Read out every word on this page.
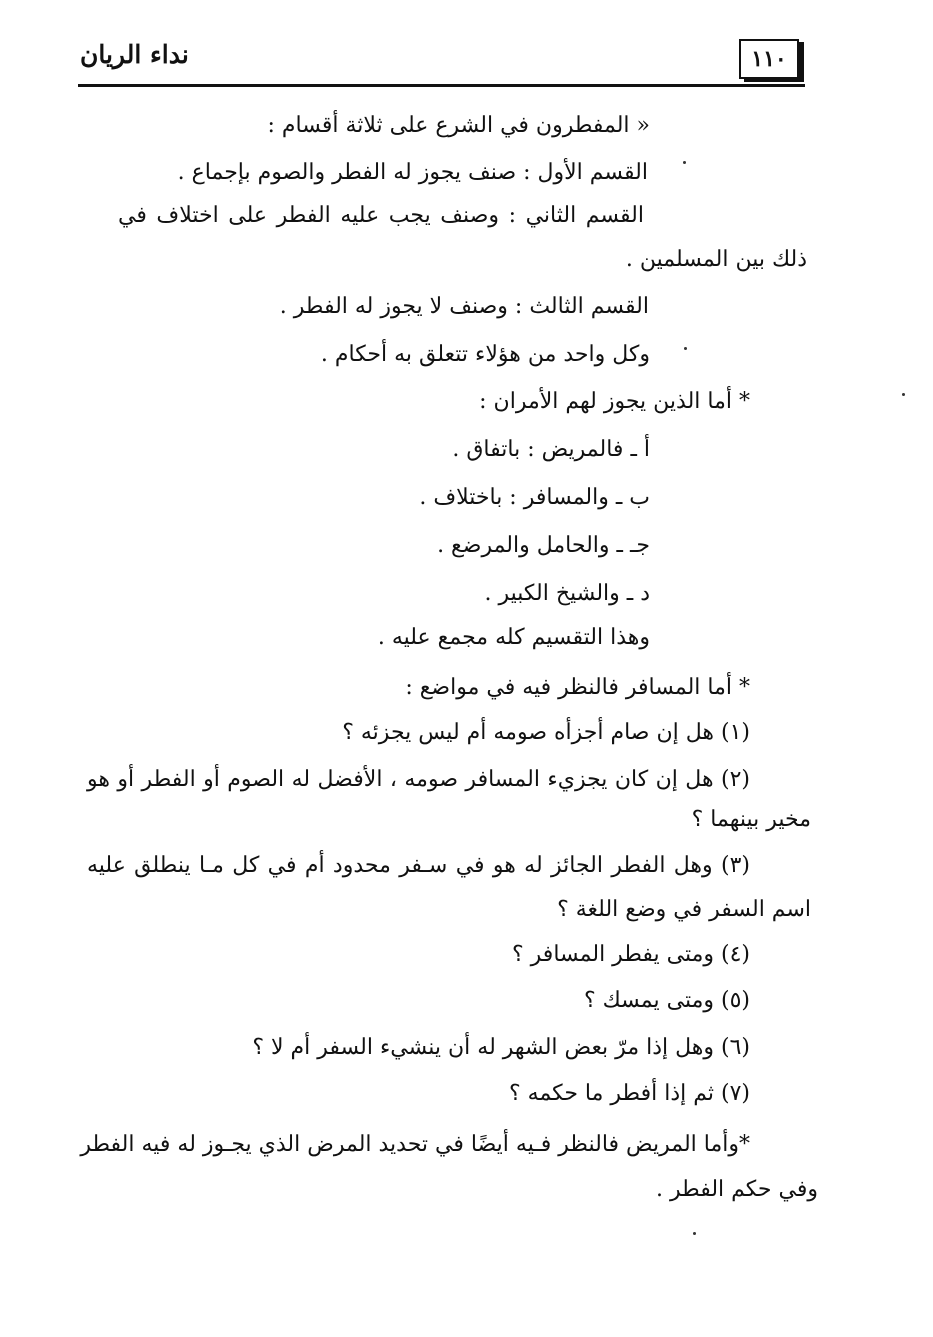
نداء الريان	١١٠
« المفطرون في الشرع على ثلاثة أقسام :
القسم الأول : صنف يجوز له الفطر والصوم بإجماع .
القسم الثاني : وصنف يجب عليه الفطر على اختلاف في
ذلك بين المسلمين .
القسم الثالث : وصنف لا يجوز له الفطر .
وكل واحد من هؤلاء تتعلق به أحكام .
* أما الذين يجوز لهم الأمران :
أ ـ فالمريض : باتفاق .
ب ـ والمسافر : باختلاف .
جـ ـ والحامل والمرضع .
د ـ والشيخ الكبير .
وهذا التقسيم كله مجمع عليه .
* أما المسافر فالنظر فيه في مواضع :
(١) هل إن صام أجزأه صومه أم ليس يجزئه ؟
(٢) هل إن كان يجزيء المسافر صومه ، الأفضل له الصوم أو الفطر أو هو
مخير بينهما ؟
(٣) وهل الفطر الجائز له هو في سـفر محدود أم في كل مـا ينطلق عليه
اسم السفر في وضع اللغة ؟
(٤) ومتى يفطر المسافر ؟
(٥) ومتى يمسك ؟
(٦) وهل إذا مرّ بعض الشهر له أن ينشيء السفر أم لا ؟
(٧) ثم إذا أفطر ما حكمه ؟
*وأما المريض فالنظر فـيه أيضًا في تحديد المرض الذي يجـوز له فيه الفطر
وفي حكم الفطر .
